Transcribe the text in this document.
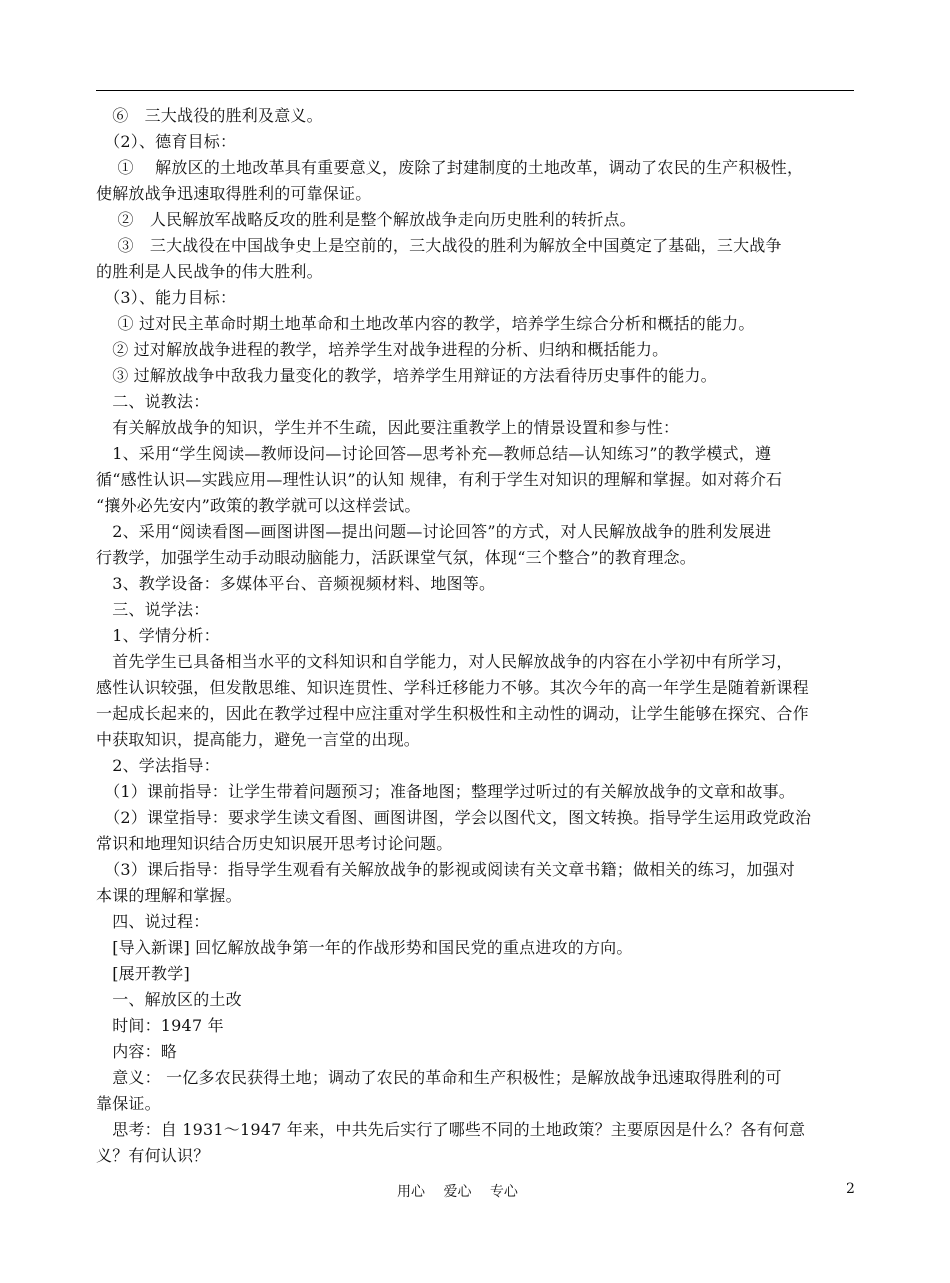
　⑥　三大战役的胜利及意义。
　（2）、德育目标：
　 ①　 解放区的土地改革具有重要意义，废除了封建制度的土地改革，调动了农民的生产积极性，
使解放战争迅速取得胜利的可靠保证。
　 ②　人民解放军战略反攻的胜利是整个解放战争走向历史胜利的转折点。
　 ③　三大战役在中国战争史上是空前的，三大战役的胜利为解放全中国奠定了基础，三大战争
的胜利是人民战争的伟大胜利。
　（3）、能力目标：
　 ① 过对民主革命时期土地革命和土地改革内容的教学，培养学生综合分析和概括的能力。
　② 过对解放战争进程的教学，培养学生对战争进程的分析、归纳和概括能力。
　③ 过解放战争中敌我力量变化的教学，培养学生用辩证的方法看待历史事件的能力。
　二、说教法：
　有关解放战争的知识，学生并不生疏，因此要注重教学上的情景设置和参与性：
　1、采用“学生阅读—教师设问—讨论回答—思考补充—教师总结—认知练习”的教学模式，遵
循“感性认识—实践应用—理性认识”的认知 规律，有利于学生对知识的理解和掌握。如对蒋介石
“攘外必先安内”政策的教学就可以这样尝试。
　2、采用“阅读看图—画图讲图—提出问题—讨论回答”的方式，对人民解放战争的胜利发展进
行教学，加强学生动手动眼动脑能力，活跃课堂气氛，体现“三个整合”的教育理念。
　3、教学设备：多媒体平台、音频视频材料、地图等。
　三、说学法：
　1、学情分析：
　首先学生已具备相当水平的文科知识和自学能力，对人民解放战争的内容在小学初中有所学习，
感性认识较强，但发散思维、知识连贯性、学科迁移能力不够。其次今年的高一年学生是随着新课程
一起成长起来的，因此在教学过程中应注重对学生积极性和主动性的调动，让学生能够在探究、合作
中获取知识，提高能力，避免一言堂的出现。
　2、学法指导：
　（1）课前指导：让学生带着问题预习；准备地图；整理学过听过的有关解放战争的文章和故事。
　（2）课堂指导：要求学生读文看图、画图讲图，学会以图代文，图文转换。指导学生运用政党政治
常识和地理知识结合历史知识展开思考讨论问题。
　（3）课后指导：指导学生观看有关解放战争的影视或阅读有关文章书籍；做相关的练习，加强对
本课的理解和掌握。
　四、说过程：
　[导入新课] 回忆解放战争第一年的作战形势和国民党的重点进攻的方向。
　[展开教学]
　一、解放区的土改
　时间：1947 年
　内容：略
　意义： 一亿多农民获得土地；调动了农民的革命和生产积极性；是解放战争迅速取得胜利的可
靠保证。
　思考：自 1931～1947 年来，中共先后实行了哪些不同的土地政策？主要原因是什么？各有何意
义？有何认识？
用心　 爱心　 专心	2
